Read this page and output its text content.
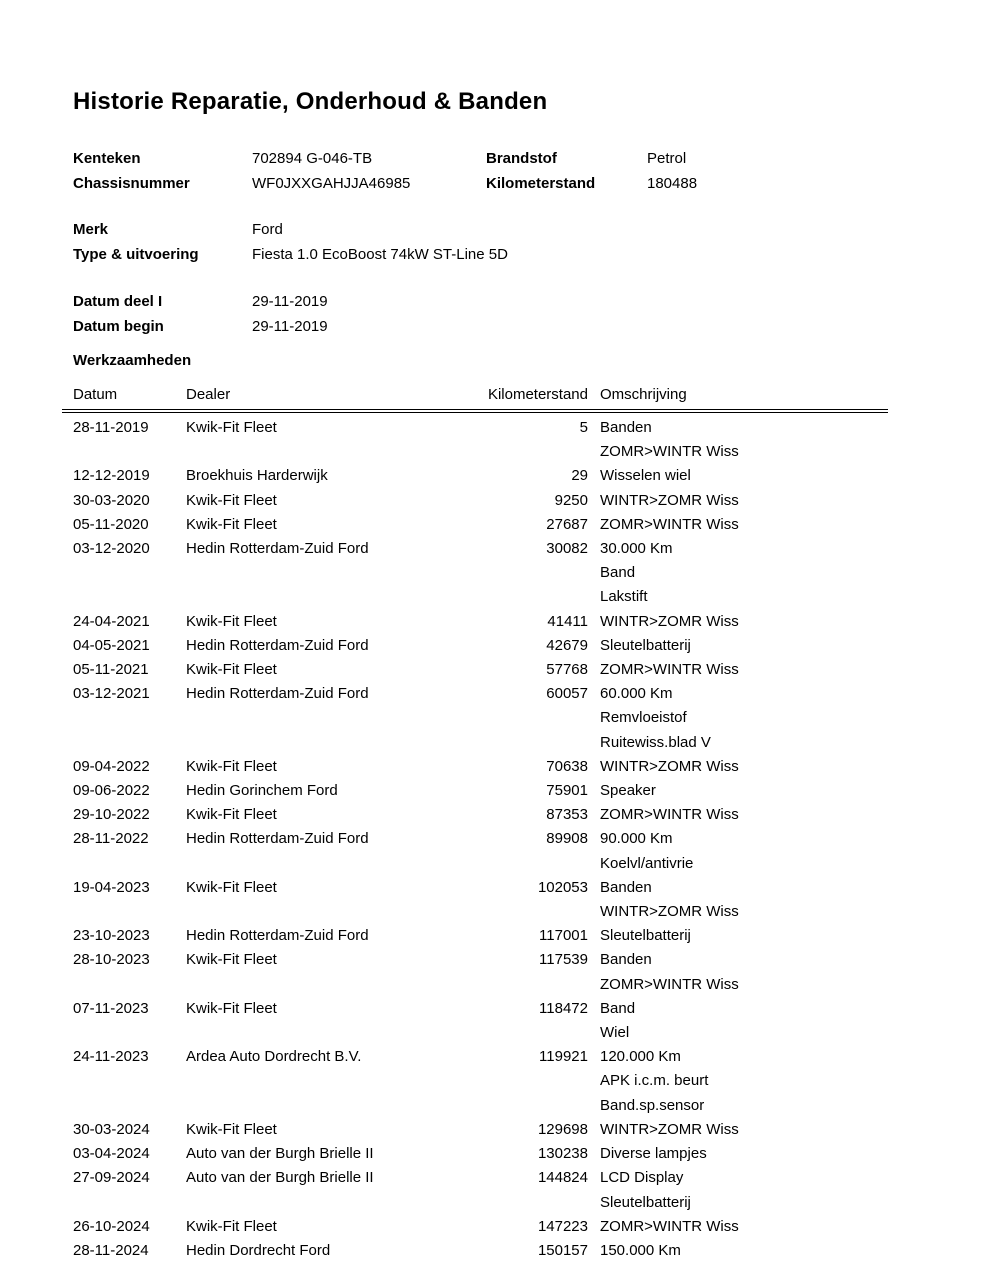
Historie Reparatie, Onderhoud & Banden
Kenteken	702894 G-046-TB	Brandstof	Petrol
Chassisnummer	WF0JXXGAHJJA46985	Kilometerstand	180488
Merk	Ford
Type & uitvoering	Fiesta 1.0 EcoBoost 74kW ST-Line 5D
Datum deel I	29-11-2019
Datum begin	29-11-2019
Werkzaamheden
Datum	Dealer	Kilometerstand Omschrijving
28-11-2019	Kwik-Fit Fleet	5 Banden
ZOMR>WINTR Wiss
12-12-2019	Broekhuis Harderwijk	29 Wisselen wiel
30-03-2020	Kwik-Fit Fleet	9250 WINTR>ZOMR Wiss
05-11-2020	Kwik-Fit Fleet	27687 ZOMR>WINTR Wiss
03-12-2020	Hedin Rotterdam-Zuid Ford	30082 30.000 Km
Band
Lakstift
24-04-2021	Kwik-Fit Fleet	41411 WINTR>ZOMR Wiss
04-05-2021	Hedin Rotterdam-Zuid Ford	42679 Sleutelbatterij
05-11-2021	Kwik-Fit Fleet	57768 ZOMR>WINTR Wiss
03-12-2021	Hedin Rotterdam-Zuid Ford	60057 60.000 Km
Remvloeistof
Ruitewiss.blad V
09-04-2022	Kwik-Fit Fleet	70638 WINTR>ZOMR Wiss
09-06-2022	Hedin Gorinchem Ford	75901 Speaker
29-10-2022	Kwik-Fit Fleet	87353 ZOMR>WINTR Wiss
28-11-2022	Hedin Rotterdam-Zuid Ford	89908 90.000 Km
Koelvl/antivrie
19-04-2023	Kwik-Fit Fleet	102053 Banden
WINTR>ZOMR Wiss
23-10-2023	Hedin Rotterdam-Zuid Ford	117001 Sleutelbatterij
28-10-2023	Kwik-Fit Fleet	117539 Banden
ZOMR>WINTR Wiss
07-11-2023	Kwik-Fit Fleet	118472 Band
Wiel
24-11-2023	Ardea Auto Dordrecht B.V.	119921 120.000 Km
APK i.c.m. beurt
Band.sp.sensor
30-03-2024	Kwik-Fit Fleet	129698 WINTR>ZOMR Wiss
03-04-2024	Auto van der Burgh Brielle II	130238 Diverse lampjes
27-09-2024	Auto van der Burgh Brielle II	144824 LCD Display
Sleutelbatterij
26-10-2024	Kwik-Fit Fleet	147223 ZOMR>WINTR Wiss
28-11-2024	Hedin Dordrecht Ford	150157 150.000 Km
